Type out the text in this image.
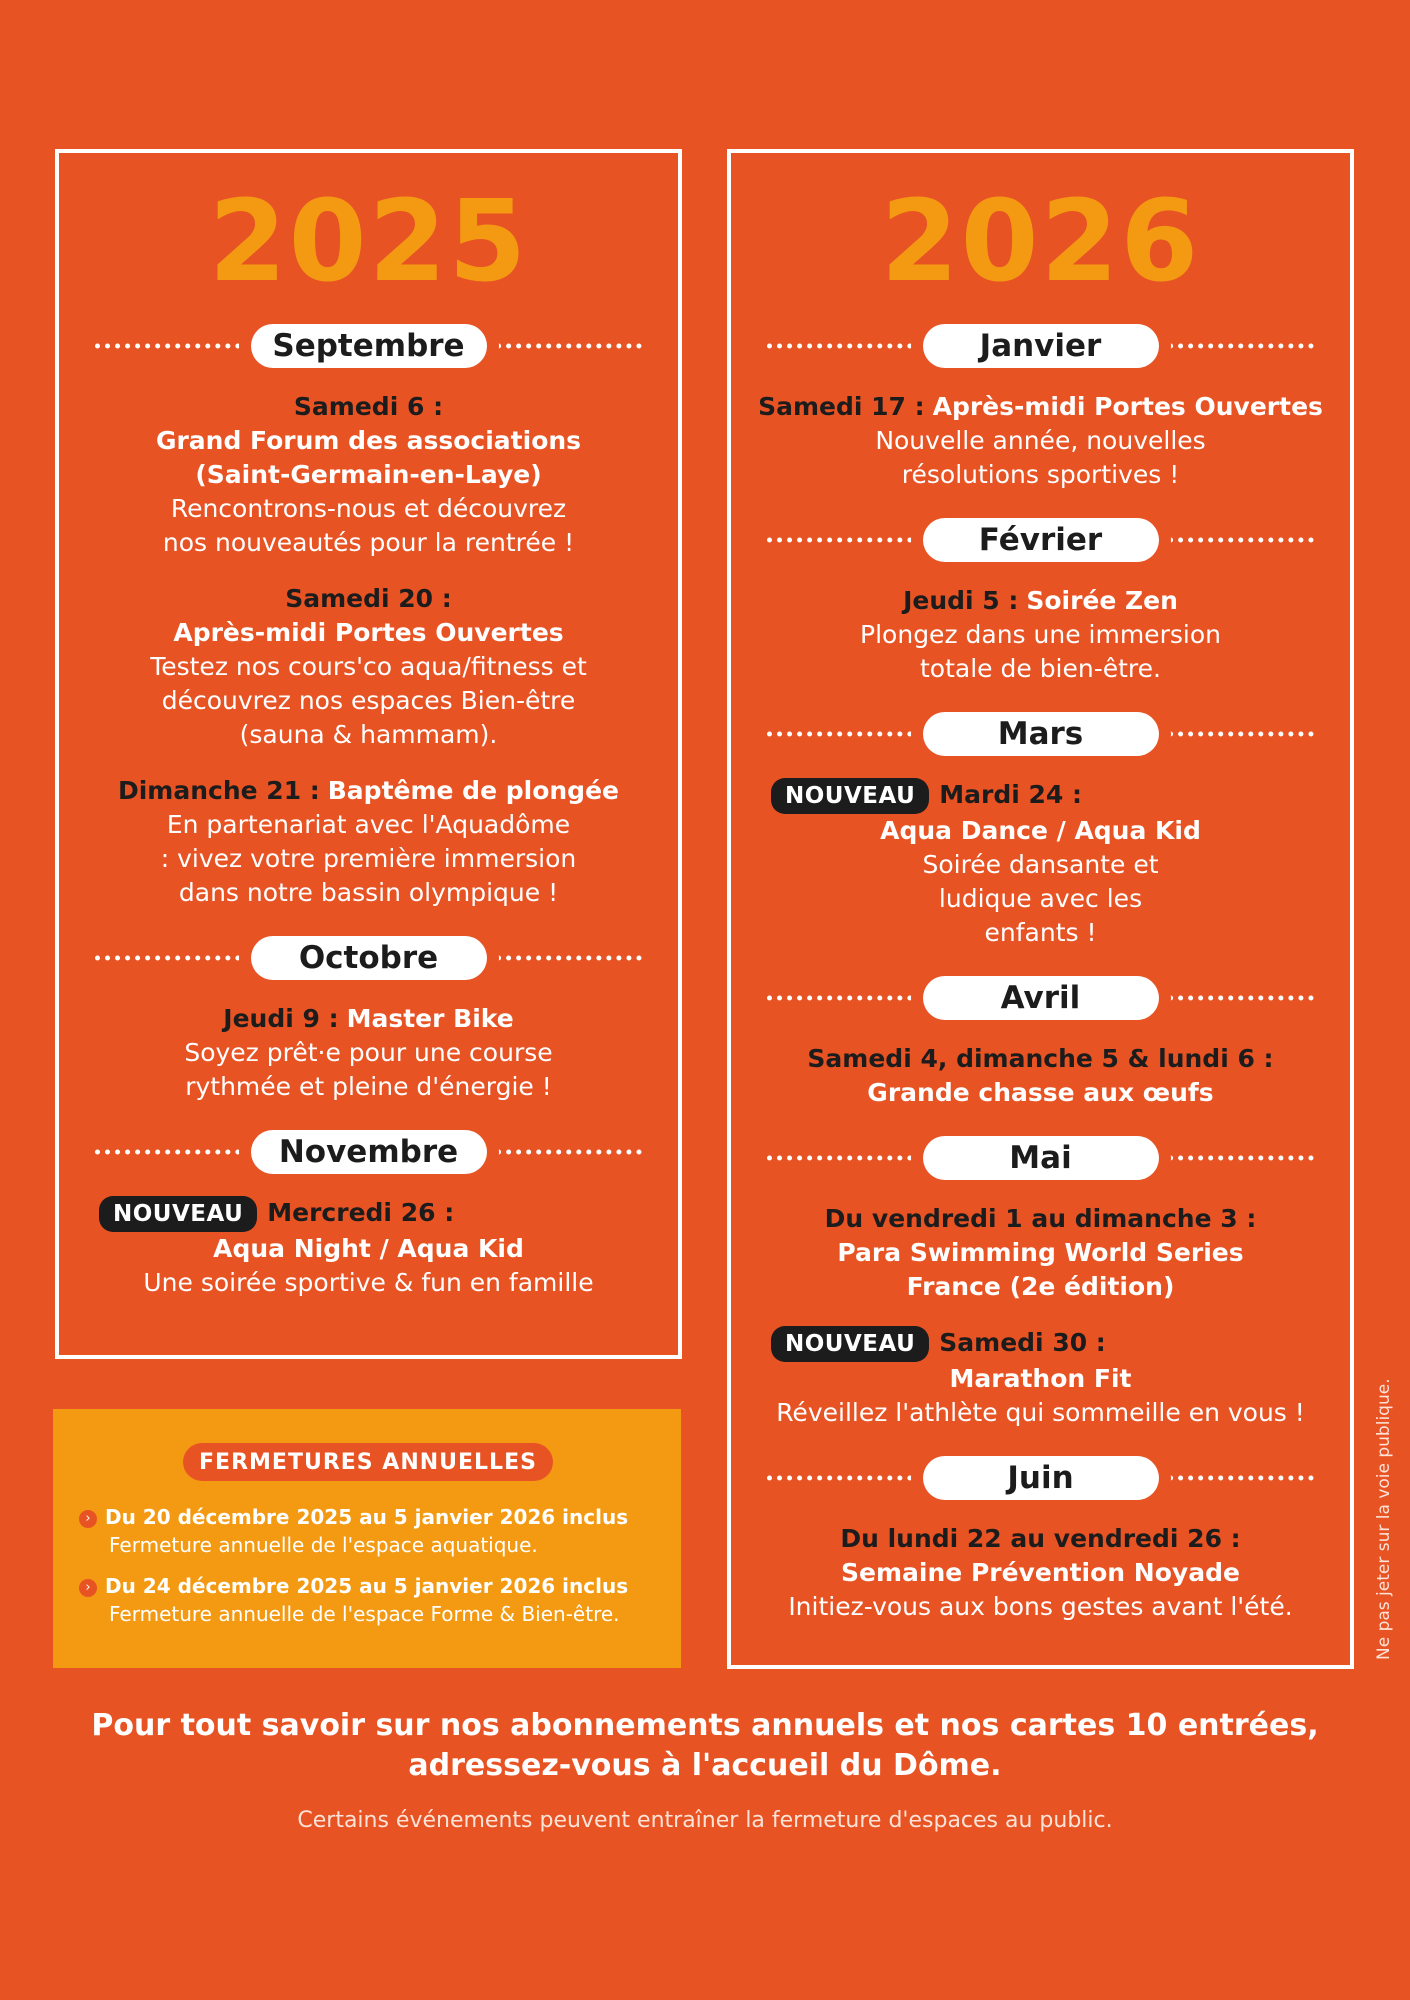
2025
Septembre
Samedi 6 :
Grand Forum des associations (Saint-Germain-en-Laye)
Rencontrons-nous et découvrez nos nouveautés pour la rentrée !
Samedi 20 :
Après-midi Portes Ouvertes
Testez nos cours'co aqua/fitness et découvrez nos espaces Bien-être (sauna & hammam).
Dimanche 21 : Baptême de plongée
En partenariat avec l'Aquadôme : vivez votre première immersion dans notre bassin olympique !
Octobre
Jeudi 9 : Master Bike
Soyez prêt·e pour une course rythmée et pleine d'énergie !
Novembre
NOUVEAU Mercredi 26 :
Aqua Night / Aqua Kid
Une soirée sportive & fun en famille
2026
Janvier
Samedi 17 : Après-midi Portes Ouvertes
Nouvelle année, nouvelles résolutions sportives !
Février
Jeudi 5 : Soirée Zen
Plongez dans une immersion totale de bien-être.
Mars
NOUVEAU Mardi 24 :
Aqua Dance / Aqua Kid
Soirée dansante et ludique avec les enfants !
Avril
Samedi 4, dimanche 5 & lundi 6 :
Grande chasse aux œufs
Mai
Du vendredi 1 au dimanche 3 :
Para Swimming World Series France (2e édition)
NOUVEAU Samedi 30 :
Marathon Fit
Réveillez l'athlète qui sommeille en vous !
Juin
Du lundi 22 au vendredi 26 :
Semaine Prévention Noyade
Initiez-vous aux bons gestes avant l'été.
FERMETURES ANNUELLES
› Du 20 décembre 2025 au 5 janvier 2026 inclus
Fermeture annuelle de l'espace aquatique.
› Du 24 décembre 2025 au 5 janvier 2026 inclus
Fermeture annuelle de l'espace Forme & Bien-être.
Pour tout savoir sur nos abonnements annuels et nos cartes 10 entrées,
adressez-vous à l'accueil du Dôme.
Certains événements peuvent entraîner la fermeture d'espaces au public.
Ne pas jeter sur la voie publique.
